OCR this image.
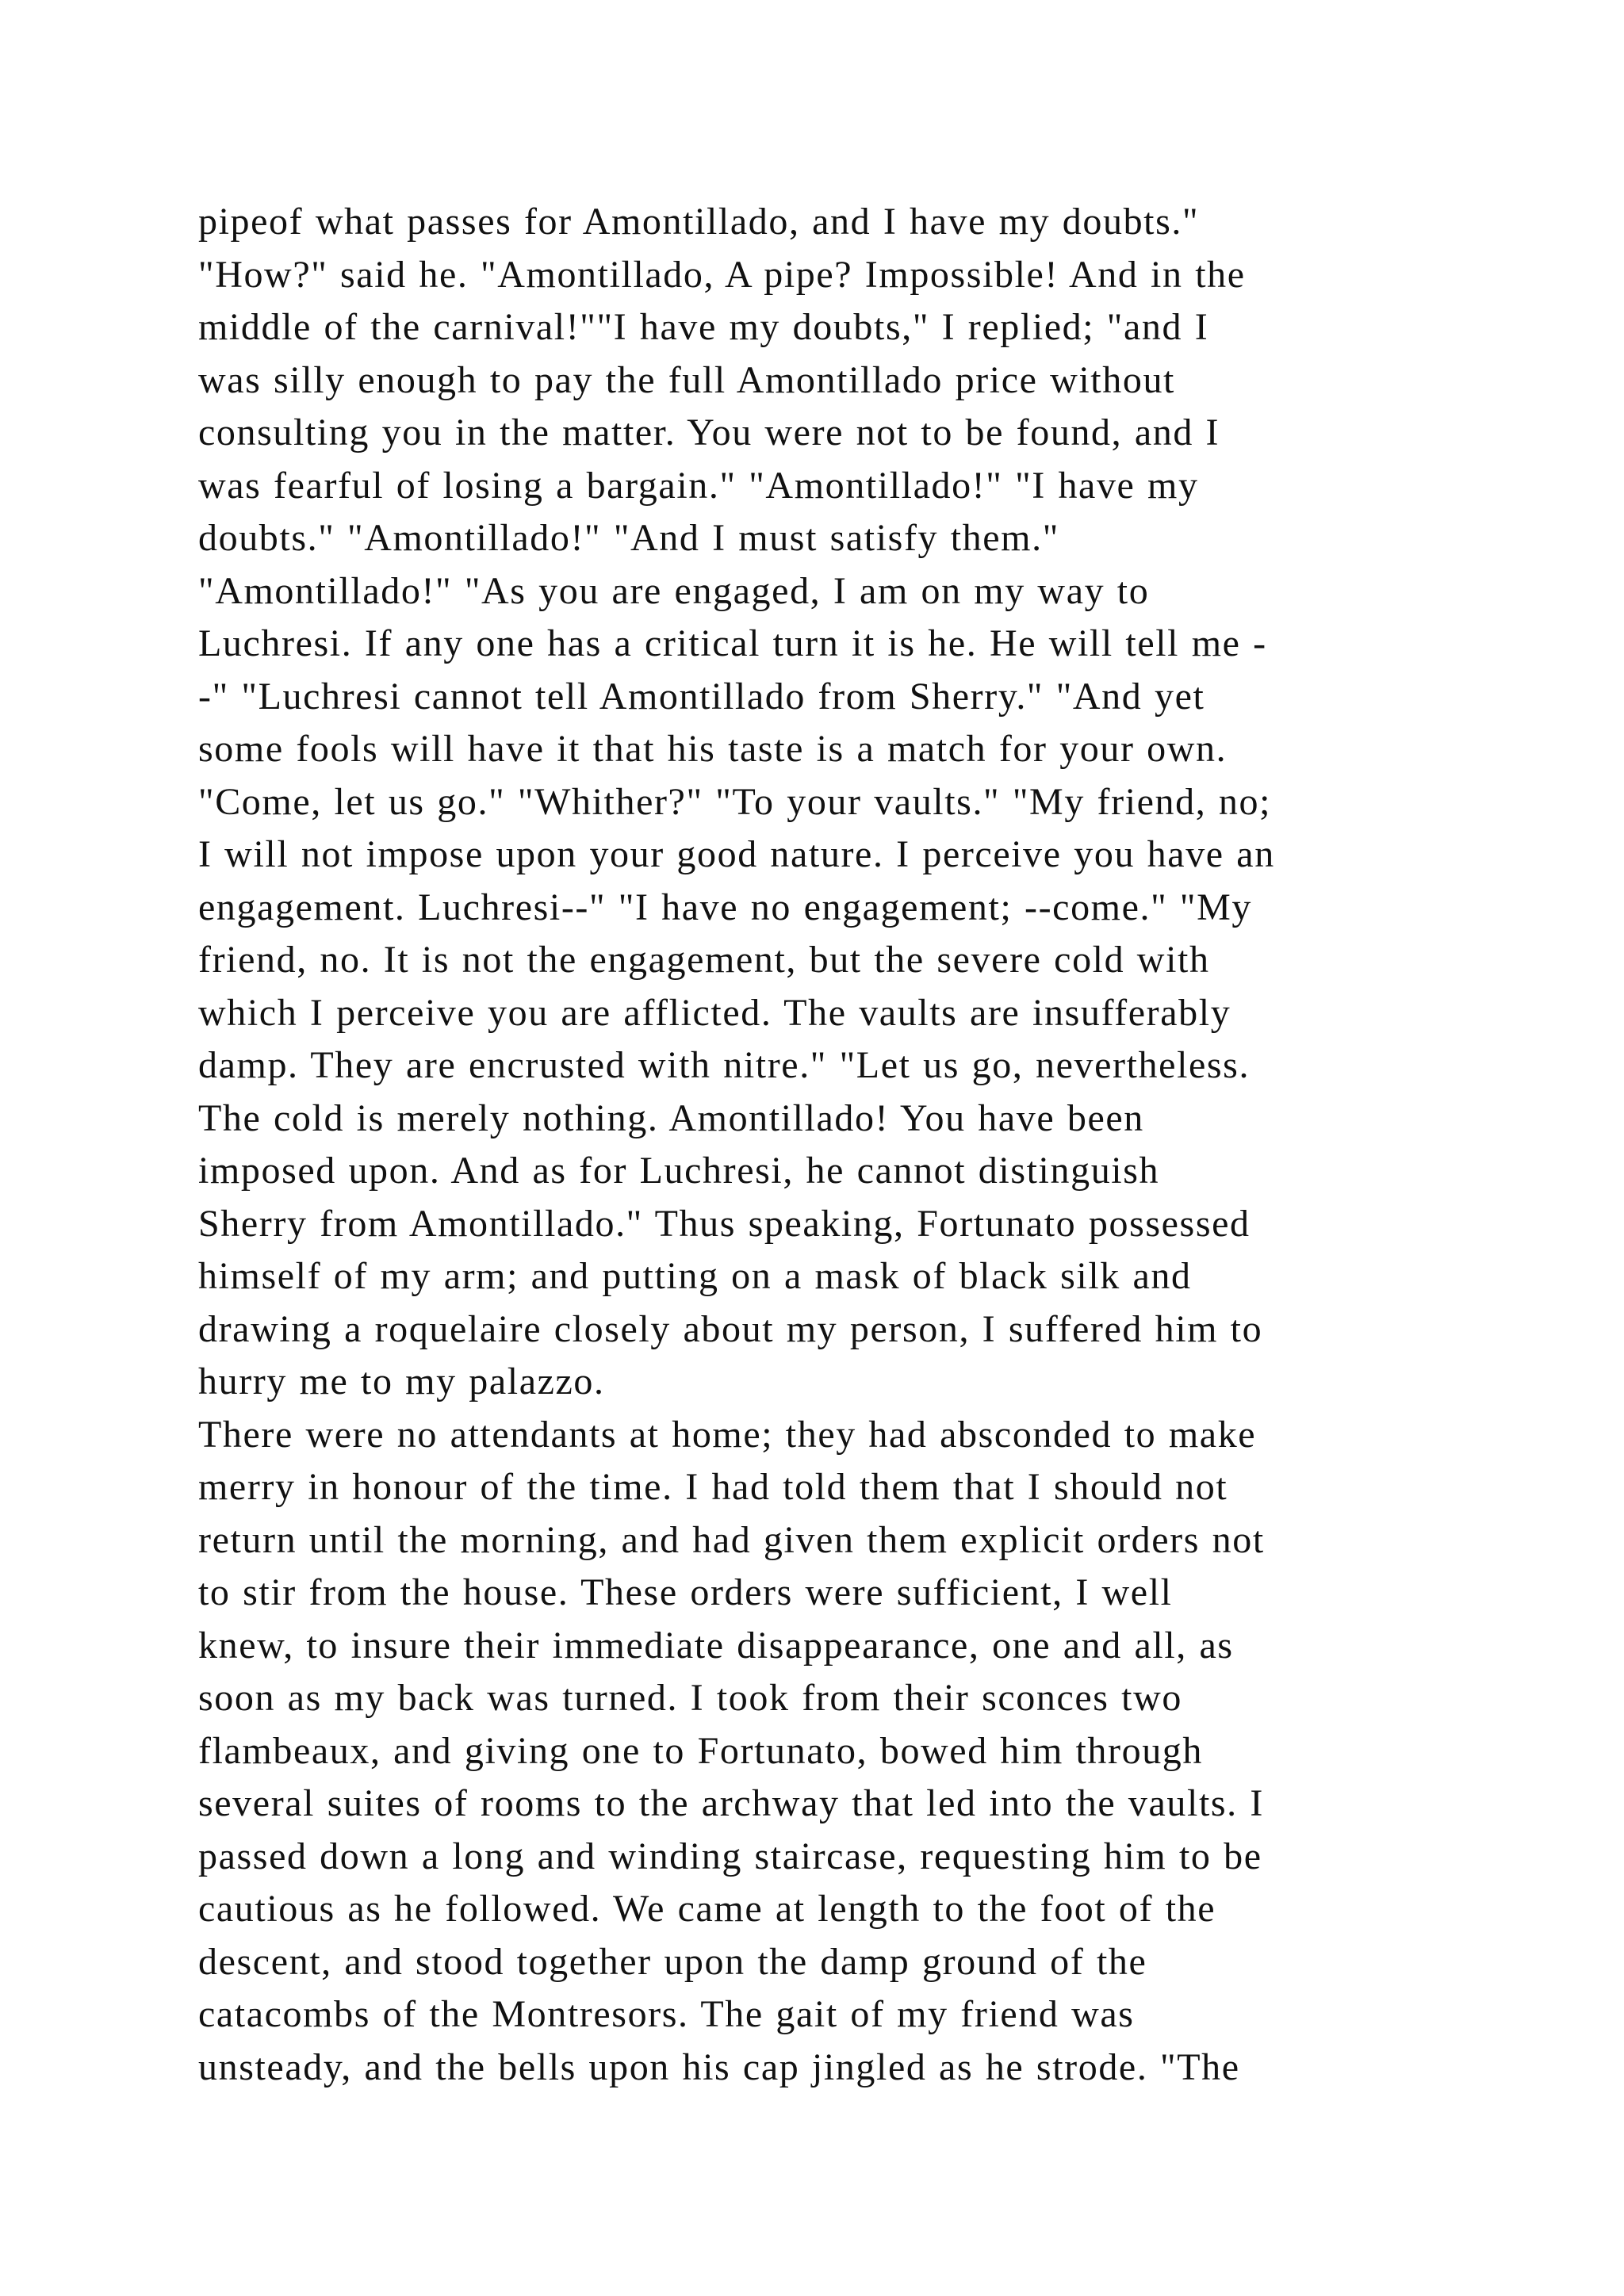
pipeof what passes for Amontillado, and I have my doubts."
"How?" said he. "Amontillado, A pipe? Impossible! And in the
middle of the carnival!""I have my doubts," I replied; "and I
was silly enough to pay the full Amontillado price without
consulting you in the matter. You were not to be found, and I
was fearful of losing a bargain." "Amontillado!" "I have my
doubts." "Amontillado!" "And I must satisfy them."
"Amontillado!" "As you are engaged, I am on my way to
Luchresi. If any one has a critical turn it is he. He will tell me -
-" "Luchresi cannot tell Amontillado from Sherry." "And yet
some fools will have it that his taste is a match for your own.
"Come, let us go." "Whither?" "To your vaults." "My friend, no;
I will not impose upon your good nature. I perceive you have an
engagement. Luchresi--" "I have no engagement; --come." "My
friend, no. It is not the engagement, but the severe cold with
which I perceive you are afflicted. The vaults are insufferably
damp. They are encrusted with nitre." "Let us go, nevertheless.
The cold is merely nothing. Amontillado! You have been
imposed upon. And as for Luchresi, he cannot distinguish
Sherry from Amontillado." Thus speaking, Fortunato possessed
himself of my arm; and putting on a mask of black silk and
drawing a roquelaire closely about my person, I suffered him to
hurry me to my palazzo.
There were no attendants at home; they had absconded to make
merry in honour of the time. I had told them that I should not
return until the morning, and had given them explicit orders not
to stir from the house. These orders were sufficient, I well
knew, to insure their immediate disappearance, one and all, as
soon as my back was turned. I took from their sconces two
flambeaux, and giving one to Fortunato, bowed him through
several suites of rooms to the archway that led into the vaults. I
passed down a long and winding staircase, requesting him to be
cautious as he followed. We came at length to the foot of the
descent, and stood together upon the damp ground of the
catacombs of the Montresors. The gait of my friend was
unsteady, and the bells upon his cap jingled as he strode. "The
